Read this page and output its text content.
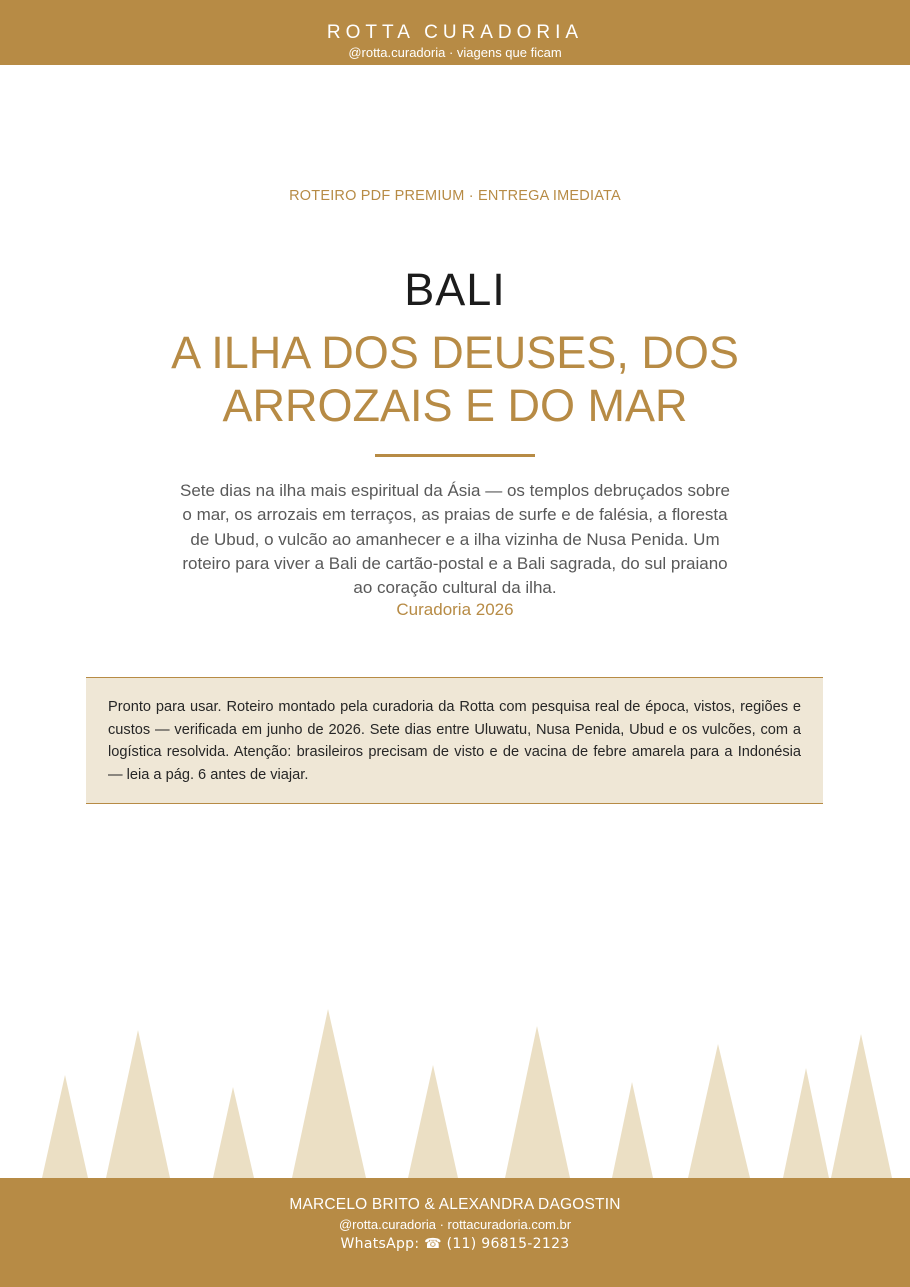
ROTTA CURADORIA
@rotta.curadoria · viagens que ficam
ROTEIRO PDF PREMIUM · ENTREGA IMEDIATA
BALI
A ILHA DOS DEUSES, DOS ARROZAIS E DO MAR
Sete dias na ilha mais espiritual da Ásia — os templos debruçados sobre o mar, os arrozais em terraços, as praias de surfe e de falésia, a floresta de Ubud, o vulcão ao amanhecer e a ilha vizinha de Nusa Penida. Um roteiro para viver a Bali de cartão-postal e a Bali sagrada, do sul praiano ao coração cultural da ilha.
Curadoria 2026

Pronto para usar. Roteiro montado pela curadoria da Rotta com pesquisa real de época, vistos, regiões e custos — verificada em junho de 2026. Sete dias entre Uluwatu, Nusa Penida, Ubud e os vulcões, com a logística resolvida. Atenção: brasileiros precisam de visto e de vacina de febre amarela para a Indonésia — leia a pág. 6 antes de viajar.

MARCELO BRITO & ALEXANDRA DAGOSTIN
@rotta.curadoria · rottacuradoria.com.br
WhatsApp: ☎ (11) 96815-2123
